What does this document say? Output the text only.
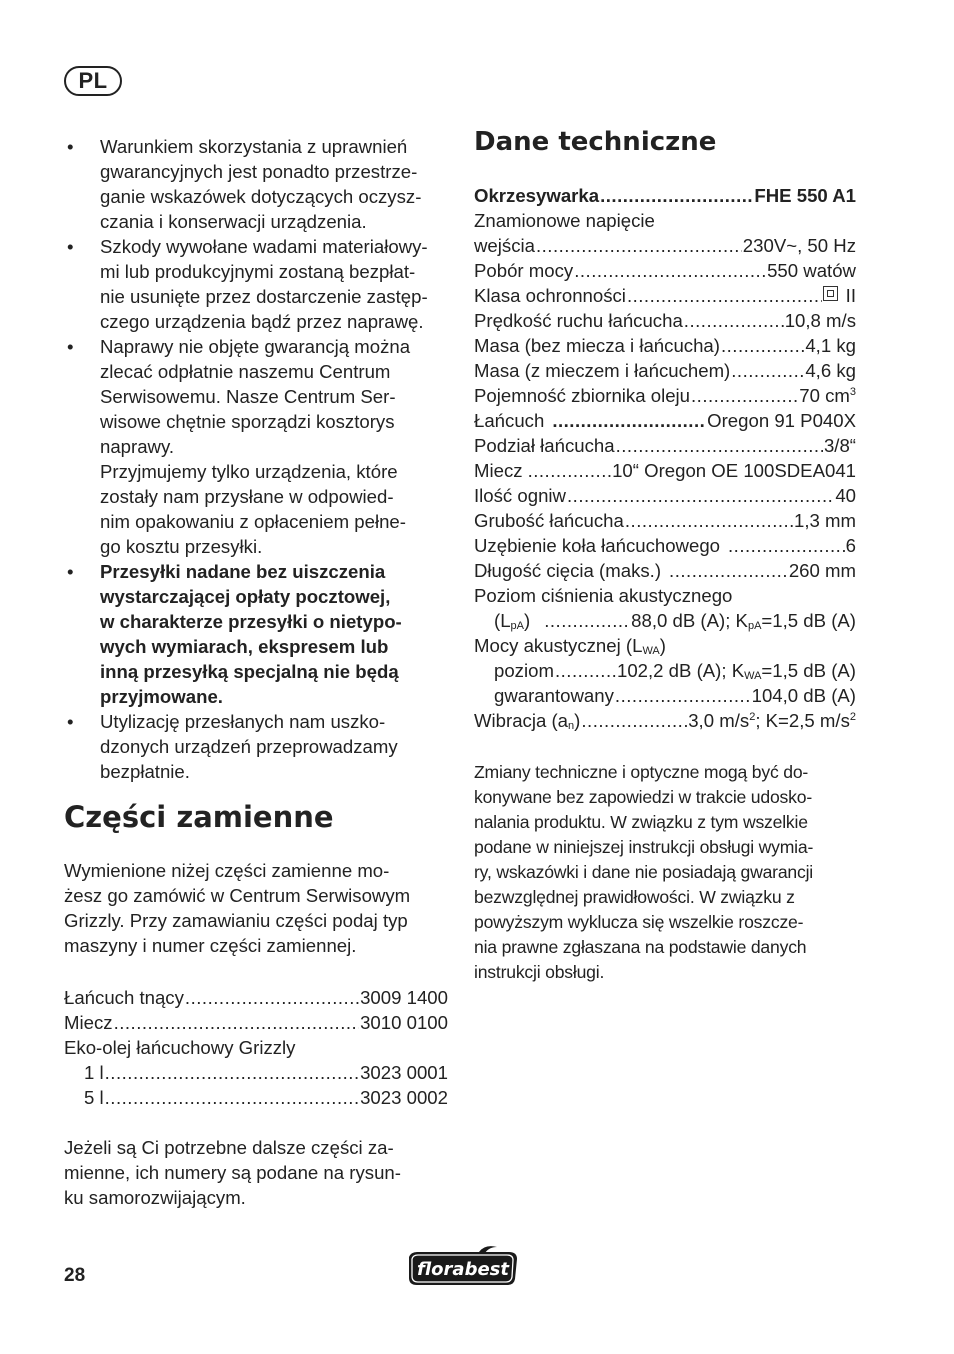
PL
• Warunkiem skorzystania z uprawnień
gwarancyjnych jest ponadto przestrze-
ganie wskazówek dotyczących oczysz-
czania i konserwacji urządzenia.
• Szkody wywołane wadami materiałowy-
mi lub produkcyjnymi zostaną bezpłat-
nie usunięte przez dostarczenie zastęp-
czego urządzenia bądź przez naprawę.
• Naprawy nie objęte gwarancją można
zlecać odpłatnie naszemu Centrum
Serwisowemu. Nasze Centrum Ser-
wisowe chętnie sporządzi kosztorys
naprawy.
Przyjmujemy tylko urządzenia, które
zostały nam przysłane w odpowied-
nim opakowaniu z opłaceniem pełne-
go kosztu przesyłki.
• Przesyłki nadane bez uiszczenia
wystarczającej opłaty pocztowej,
w charakterze przesyłki o nietypo-
wych wymiarach, ekspresem lub
inną przesyłką specjalną nie będą
przyjmowane.
• Utylizację przesłanych nam uszko-
dzonych urządzeń przeprowadzamy
bezpłatnie.
Części zamienne
Wymienione niżej części zamienne mo-
żesz go zamówić w Centrum Serwisowym
Grizzly. Przy zamawianiu części podaj typ
maszyny i numer części zamiennej.
Łańcuch tnący .....	3009 1400
Miecz .....	3010 0100
Eko-olej łańcuchowy Grizzly
1 l .....	3023 0001
5 l .....	3023 0002
Jeżeli są Ci potrzebne dalsze części za-
mienne, ich numery są podane na rysun-
ku samorozwijającym.
Dane techniczne
Okrzesywarka .....	FHE 550 A1
Znamionowe napięcie
wejścia .....	230V~, 50 Hz
Pobór mocy .....	550 watów
Klasa ochronności .....	II
Prędkość ruchu łańcucha .....	10,8 m/s
Masa (bez miecza i łańcucha) .....	4,1 kg
Masa (z mieczem i łańcuchem) .....	4,6 kg
Pojemność zbiornika oleju .....	70 $cm^3$
Łańcuch .....	Oregon 91 P040X
Podział łańcucha .....	3/8“
Miecz .....	10“ Oregon OE 100SDEA041
Ilość ogniw .....	40
Grubość łańcucha .....	1,3 mm
Uzębienie koła łańcuchowego .....	6
Długość cięcia (maks.) .....	260 mm
Poziom ciśnienia akustycznego
$(L_{pA})$ .....	88,0 dB (A); $K_{pA}=1,5$ dB (A)
Mocy akustycznej $(L_{WA})$
poziom .....	102,2 dB (A); $K_{WA}=1,5$ dB (A)
gwarantowany .....	104,0 dB (A)
Wibracja $(a_n)$ .....	3,0 $m/s^2$; K=2,5 $m/s^2$
Zmiany techniczne i optyczne mogą być do-
konywane bez zapowiedzi w trakcie udosko-
nalania produktu. W związku z tym wszelkie
podane w niniejszej instrukcji obsługi wymia-
ry, wskazówki i dane nie posiadają gwarancji
bezwzględnej prawidłowości. W związku z
powyższym wyklucza się wszelkie roszcze-
nia prawne zgłaszana na podstawie danych
instrukcji obsługi.
28	florabest
